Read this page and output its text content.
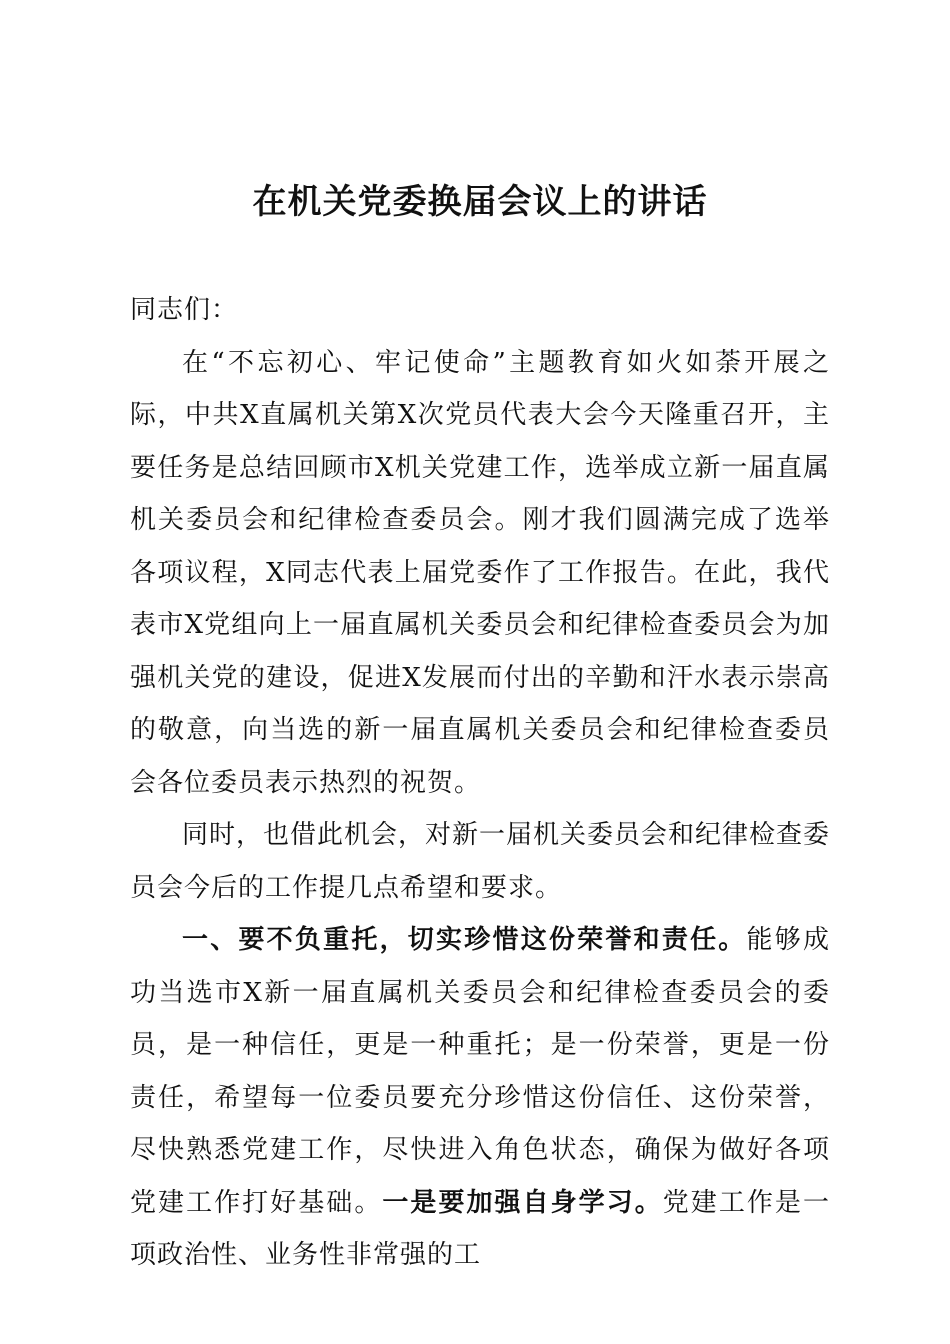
在机关党委换届会议上的讲话

同志们：

在“不忘初心、牢记使命”主题教育如火如荼开展之际，中共X直属机关第X次党员代表大会今天隆重召开，主要任务是总结回顾市X机关党建工作，选举成立新一届直属机关委员会和纪律检查委员会。刚才我们圆满完成了选举各项议程，X同志代表上届党委作了工作报告。在此，我代表市X党组向上一届直属机关委员会和纪律检查委员会为加强机关党的建设，促进X发展而付出的辛勤和汗水表示崇高的敬意，向当选的新一届直属机关委员会和纪律检查委员会各位委员表示热烈的祝贺。

同时，也借此机会，对新一届机关委员会和纪律检查委员会今后的工作提几点希望和要求。

一、要不负重托，切实珍惜这份荣誉和责任。能够成功当选市X新一届直属机关委员会和纪律检查委员会的委员，是一种信任，更是一种重托；是一份荣誉，更是一份责任，希望每一位委员要充分珍惜这份信任、这份荣誉，尽快熟悉党建工作，尽快进入角色状态，确保为做好各项党建工作打好基础。一是要加强自身学习。党建工作是一项政治性、业务性非常强的工
